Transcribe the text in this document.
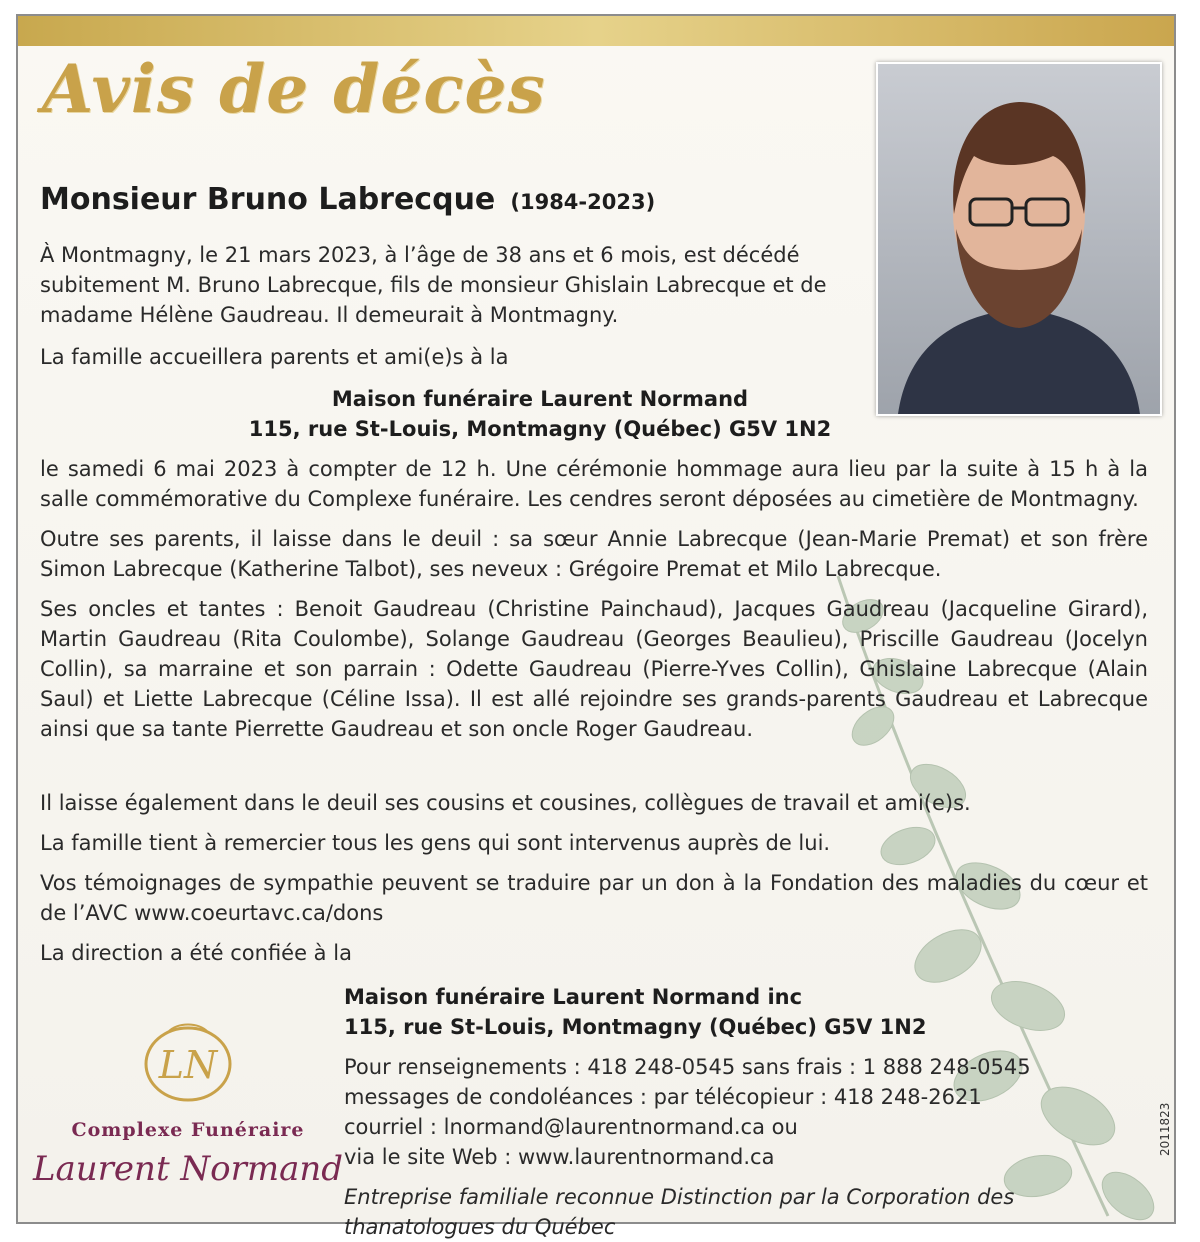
Avis de décès
Monsieur Bruno Labrecque (1984-2023)
À Montmagny, le 21 mars 2023, à l’âge de 38 ans et 6 mois, est décédé subitement M. Bruno Labrecque, fils de monsieur Ghislain Labrecque et de madame Hélène Gaudreau. Il demeurait à Montmagny.
La famille accueillera parents et ami(e)s à la
Maison funéraire Laurent Normand
115, rue St-Louis, Montmagny (Québec) G5V 1N2
le samedi 6 mai 2023 à compter de 12 h. Une cérémonie hommage aura lieu par la suite à 15 h à la salle commémorative du Complexe funéraire. Les cendres seront déposées au cimetière de Montmagny.
Outre ses parents, il laisse dans le deuil : sa sœur Annie Labrecque (Jean-Marie Premat) et son frère Simon Labrecque (Katherine Talbot), ses neveux : Grégoire Premat et Milo Labrecque.
Ses oncles et tantes : Benoit Gaudreau (Christine Painchaud), Jacques Gaudreau (Jacqueline Girard), Martin Gaudreau (Rita Coulombe), Solange Gaudreau (Georges Beaulieu), Priscille Gaudreau (Jocelyn Collin), sa marraine et son parrain : Odette Gaudreau (Pierre-Yves Collin), Ghislaine Labrecque (Alain Saul) et Liette Labrecque (Céline Issa). Il est allé rejoindre ses grands-parents Gaudreau et Labrecque ainsi que sa tante Pierrette Gaudreau et son oncle Roger Gaudreau.
Il laisse également dans le deuil ses cousins et cousines, collègues de travail et ami(e)s.
La famille tient à remercier tous les gens qui sont intervenus auprès de lui.
Vos témoignages de sympathie peuvent se traduire par un don à la Fondation des maladies du cœur et de l’AVC www.coeurtavc.ca/dons
La direction a été confiée à la
Maison funéraire Laurent Normand inc
115, rue St-Louis, Montmagny (Québec) G5V 1N2
Pour renseignements : 418 248-0545 sans frais : 1 888 248-0545
messages de condoléances : par télécopieur : 418 248-2621
courriel : lnormand@laurentnormand.ca ou
via le site Web : www.laurentnormand.ca
Entreprise familiale reconnue Distinction par la Corporation des thanatologues du Québec
LN
Complexe Funéraire
Laurent Normand
2011823
